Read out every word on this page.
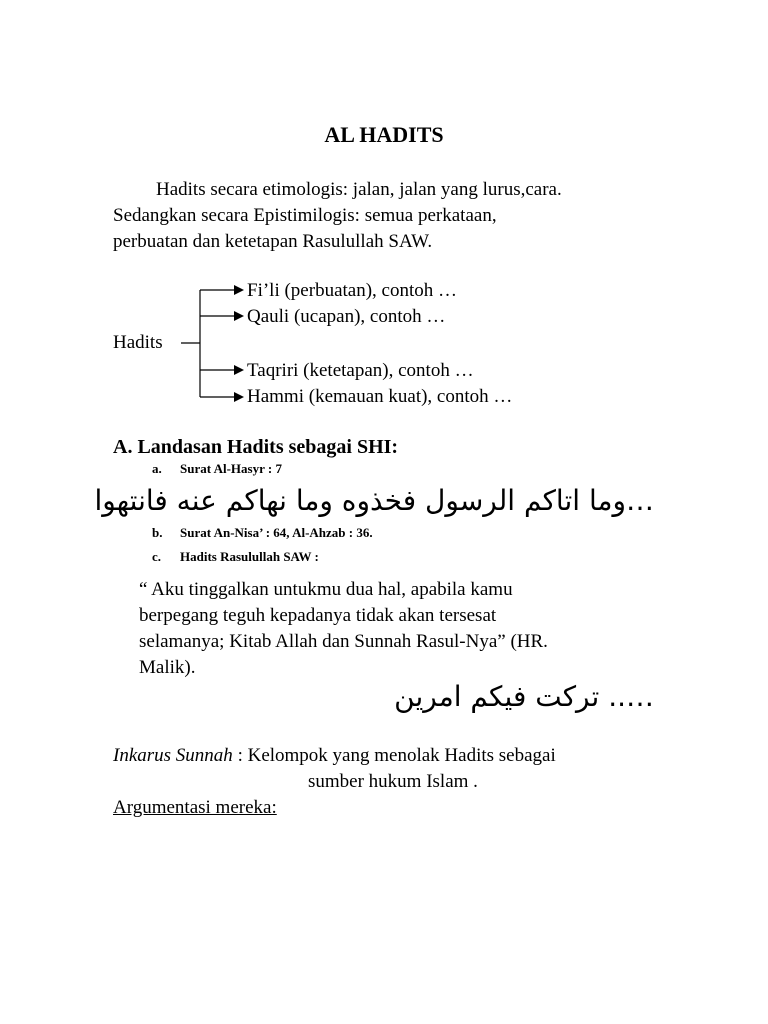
AL HADITS
Hadits secara etimologis: jalan, jalan yang lurus,cara.
Sedangkan secara Epistimilogis: semua perkataan,
perbuatan dan ketetapan Rasulullah SAW.
Hadits
Fi’li (perbuatan), contoh …
Qauli (ucapan), contoh …
Taqriri (ketetapan), contoh …
Hammi (kemauan kuat), contoh …
A. Landasan Hadits sebagai SHI:
a. Surat Al-Hasyr : 7
…وما اتاكم الرسول فخذوه وما نهاكم عنه فانتهوا
b. Surat An-Nisa’ : 64, Al-Ahzab : 36.
c. Hadits Rasulullah SAW :
“ Aku tinggalkan untukmu dua hal, apabila kamu
berpegang teguh kepadanya tidak akan tersesat
selamanya; Kitab Allah dan Sunnah Rasul-Nya” (HR.
Malik).
….. تركت فيكم امرين
Inkarus Sunnah : Kelompok yang menolak Hadits sebagai
sumber hukum Islam .
Argumentasi mereka:
